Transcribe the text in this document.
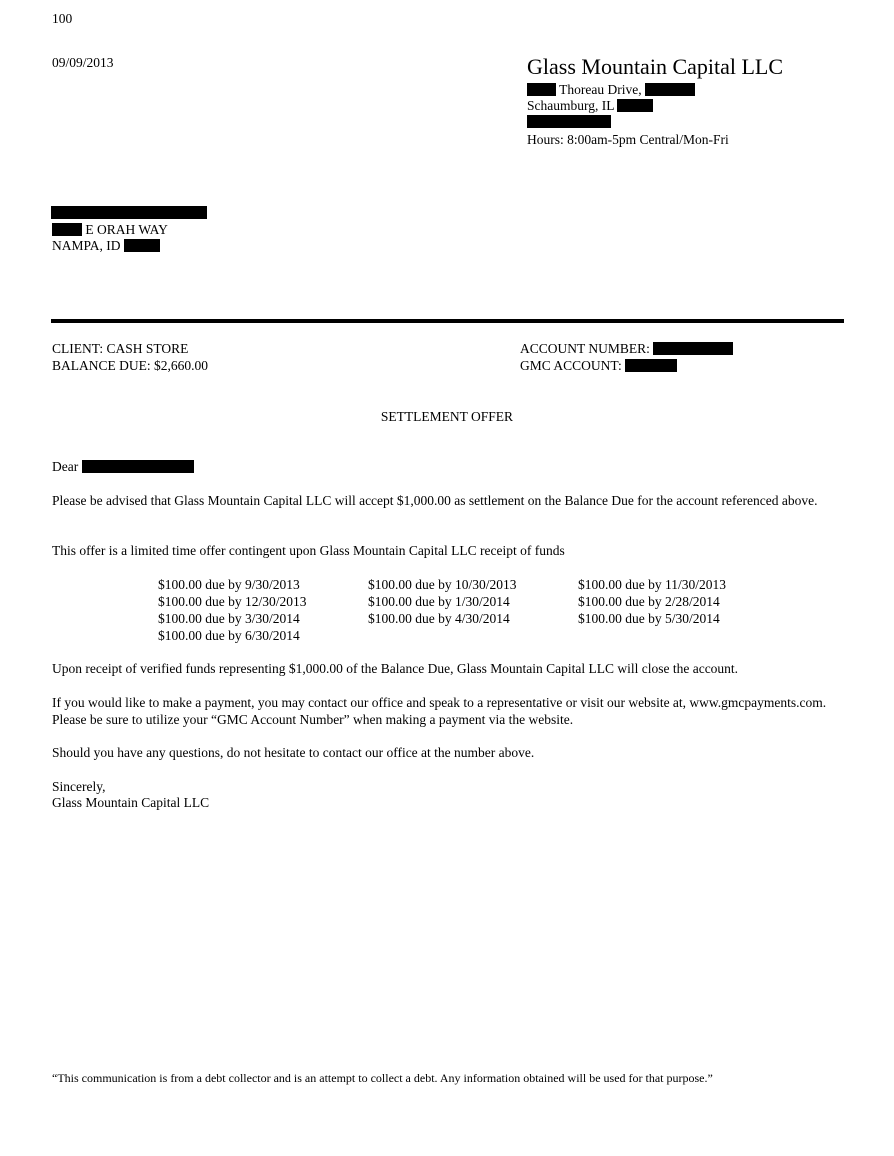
100
09/09/2013	Glass Mountain Capital LLC
Thoreau Drive,
Schaumburg, IL
Hours: 8:00am-5pm Central/Mon-Fri
E ORAH WAY
NAMPA, ID
CLIENT: CASH STORE
BALANCE DUE: $2,660.00
ACCOUNT NUMBER:
GMC ACCOUNT:
SETTLEMENT OFFER
Dear
Please be advised that Glass Mountain Capital LLC will accept $1,000.00 as settlement on the Balance Due for the account referenced above.
This offer is a limited time offer contingent upon Glass Mountain Capital LLC receipt of funds
$100.00 due by 9/30/2013	$100.00 due by 10/30/2013	$100.00 due by 11/30/2013
$100.00 due by 12/30/2013	$100.00 due by 1/30/2014	$100.00 due by 2/28/2014
$100.00 due by 3/30/2014	$100.00 due by 4/30/2014	$100.00 due by 5/30/2014
$100.00 due by 6/30/2014
Upon receipt of verified funds representing $1,000.00 of the Balance Due, Glass Mountain Capital LLC will close the account.
If you would like to make a payment, you may contact our office and speak to a representative or visit our website at, www.gmcpayments.com. Please be sure to utilize your “GMC Account Number” when making a payment via the website.
Should you have any questions, do not hesitate to contact our office at the number above.
Sincerely,
Glass Mountain Capital LLC
“This communication is from a debt collector and is an attempt to collect a debt. Any information obtained will be used for that purpose.”
